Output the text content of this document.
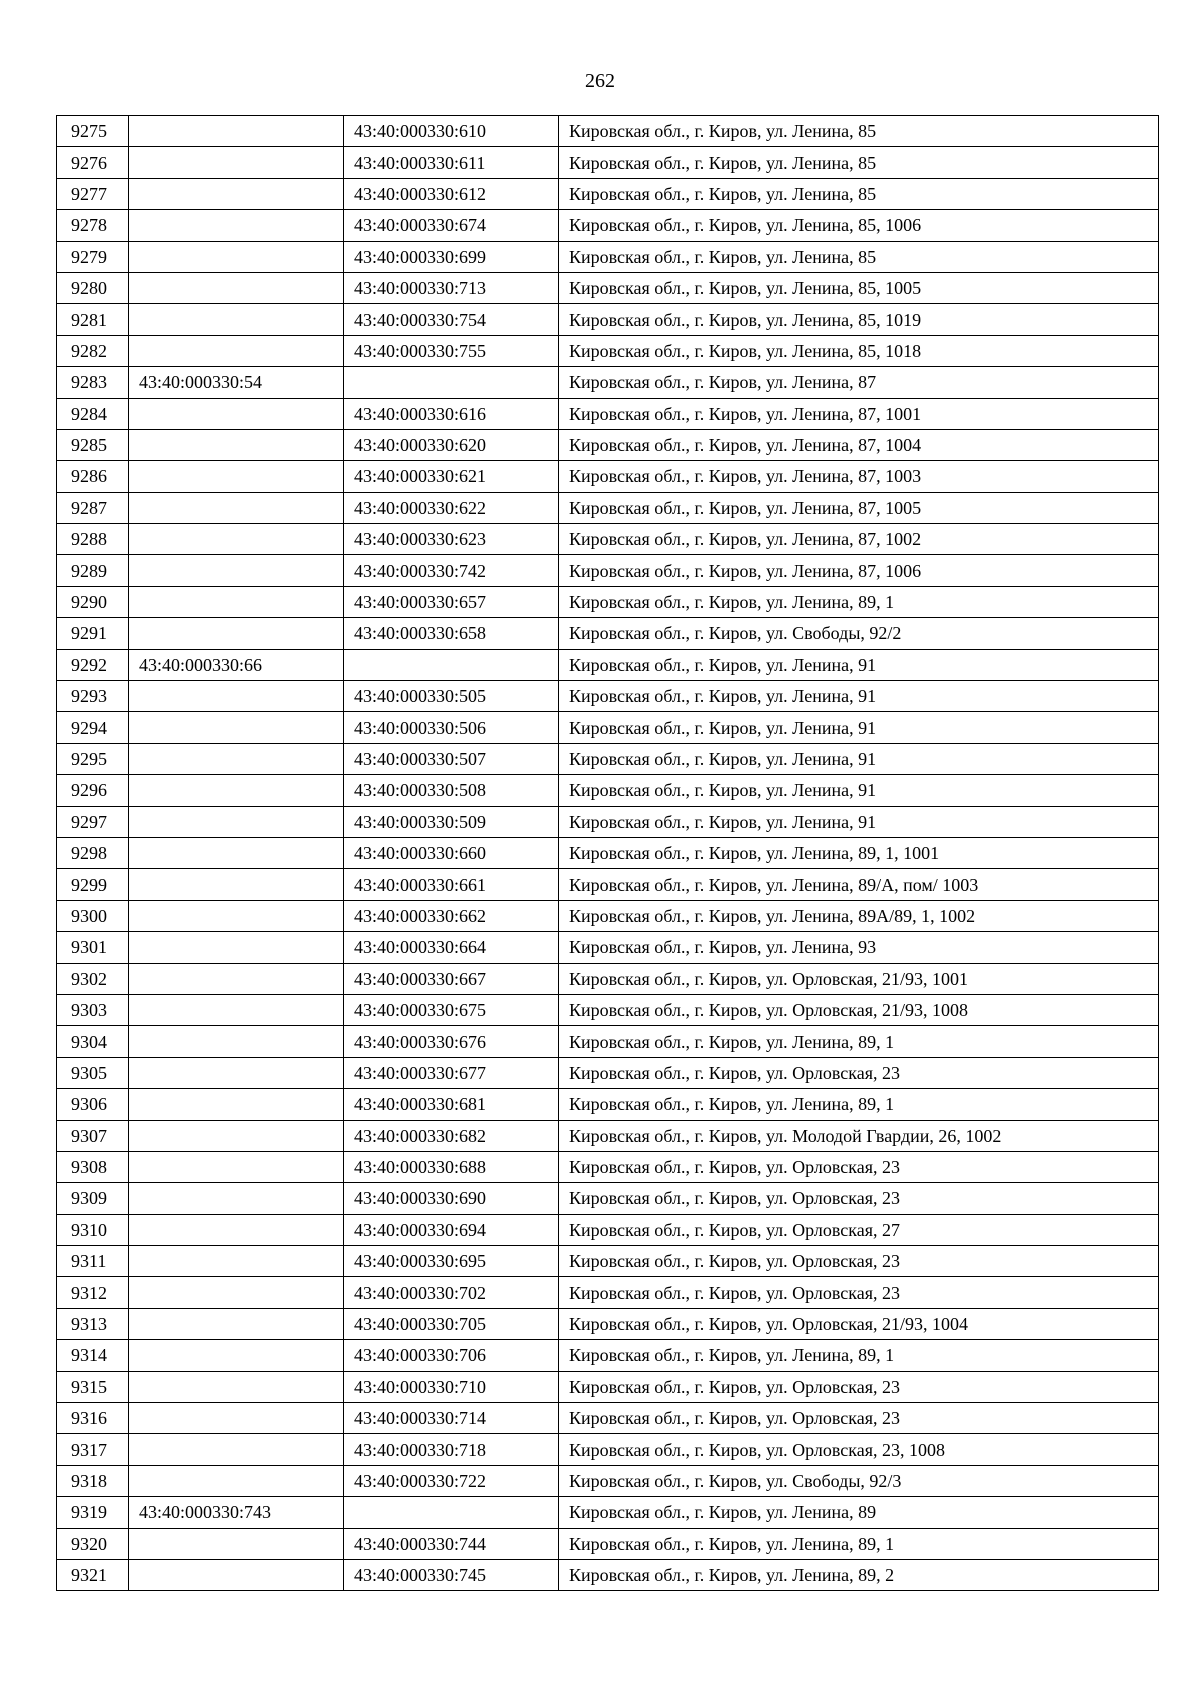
262
9275		43:40:000330:610	Кировская обл., г. Киров, ул. Ленина, 85
9276		43:40:000330:611	Кировская обл., г. Киров, ул. Ленина, 85
9277		43:40:000330:612	Кировская обл., г. Киров, ул. Ленина, 85
9278		43:40:000330:674	Кировская обл., г. Киров, ул. Ленина, 85, 1006
9279		43:40:000330:699	Кировская обл., г. Киров, ул. Ленина, 85
9280		43:40:000330:713	Кировская обл., г. Киров, ул. Ленина, 85, 1005
9281		43:40:000330:754	Кировская обл., г. Киров, ул. Ленина, 85, 1019
9282		43:40:000330:755	Кировская обл., г. Киров, ул. Ленина, 85, 1018
9283	43:40:000330:54		Кировская обл., г. Киров, ул. Ленина, 87
9284		43:40:000330:616	Кировская обл., г. Киров, ул. Ленина, 87, 1001
9285		43:40:000330:620	Кировская обл., г. Киров, ул. Ленина, 87, 1004
9286		43:40:000330:621	Кировская обл., г. Киров, ул. Ленина, 87, 1003
9287		43:40:000330:622	Кировская обл., г. Киров, ул. Ленина, 87, 1005
9288		43:40:000330:623	Кировская обл., г. Киров, ул. Ленина, 87, 1002
9289		43:40:000330:742	Кировская обл., г. Киров, ул. Ленина, 87, 1006
9290		43:40:000330:657	Кировская обл., г. Киров, ул. Ленина, 89, 1
9291		43:40:000330:658	Кировская обл., г. Киров, ул. Свободы, 92/2
9292	43:40:000330:66		Кировская обл., г. Киров, ул. Ленина, 91
9293		43:40:000330:505	Кировская обл., г. Киров, ул. Ленина, 91
9294		43:40:000330:506	Кировская обл., г. Киров, ул. Ленина, 91
9295		43:40:000330:507	Кировская обл., г. Киров, ул. Ленина, 91
9296		43:40:000330:508	Кировская обл., г. Киров, ул. Ленина, 91
9297		43:40:000330:509	Кировская обл., г. Киров, ул. Ленина, 91
9298		43:40:000330:660	Кировская обл., г. Киров, ул. Ленина, 89, 1, 1001
9299		43:40:000330:661	Кировская обл., г. Киров, ул. Ленина, 89/А, пом/ 1003
9300		43:40:000330:662	Кировская обл., г. Киров, ул. Ленина, 89А/89, 1, 1002
9301		43:40:000330:664	Кировская обл., г. Киров, ул. Ленина, 93
9302		43:40:000330:667	Кировская обл., г. Киров, ул. Орловская, 21/93, 1001
9303		43:40:000330:675	Кировская обл., г. Киров, ул. Орловская, 21/93, 1008
9304		43:40:000330:676	Кировская обл., г. Киров, ул. Ленина, 89, 1
9305		43:40:000330:677	Кировская обл., г. Киров, ул. Орловская, 23
9306		43:40:000330:681	Кировская обл., г. Киров, ул. Ленина, 89, 1
9307		43:40:000330:682	Кировская обл., г. Киров, ул. Молодой Гвардии, 26, 1002
9308		43:40:000330:688	Кировская обл., г. Киров, ул. Орловская, 23
9309		43:40:000330:690	Кировская обл., г. Киров, ул. Орловская, 23
9310		43:40:000330:694	Кировская обл., г. Киров, ул. Орловская, 27
9311		43:40:000330:695	Кировская обл., г. Киров, ул. Орловская, 23
9312		43:40:000330:702	Кировская обл., г. Киров, ул. Орловская, 23
9313		43:40:000330:705	Кировская обл., г. Киров, ул. Орловская, 21/93, 1004
9314		43:40:000330:706	Кировская обл., г. Киров, ул. Ленина, 89, 1
9315		43:40:000330:710	Кировская обл., г. Киров, ул. Орловская, 23
9316		43:40:000330:714	Кировская обл., г. Киров, ул. Орловская, 23
9317		43:40:000330:718	Кировская обл., г. Киров, ул. Орловская, 23, 1008
9318		43:40:000330:722	Кировская обл., г. Киров, ул. Свободы, 92/3
9319	43:40:000330:743		Кировская обл., г. Киров, ул. Ленина, 89
9320		43:40:000330:744	Кировская обл., г. Киров, ул. Ленина, 89, 1
9321		43:40:000330:745	Кировская обл., г. Киров, ул. Ленина, 89, 2
